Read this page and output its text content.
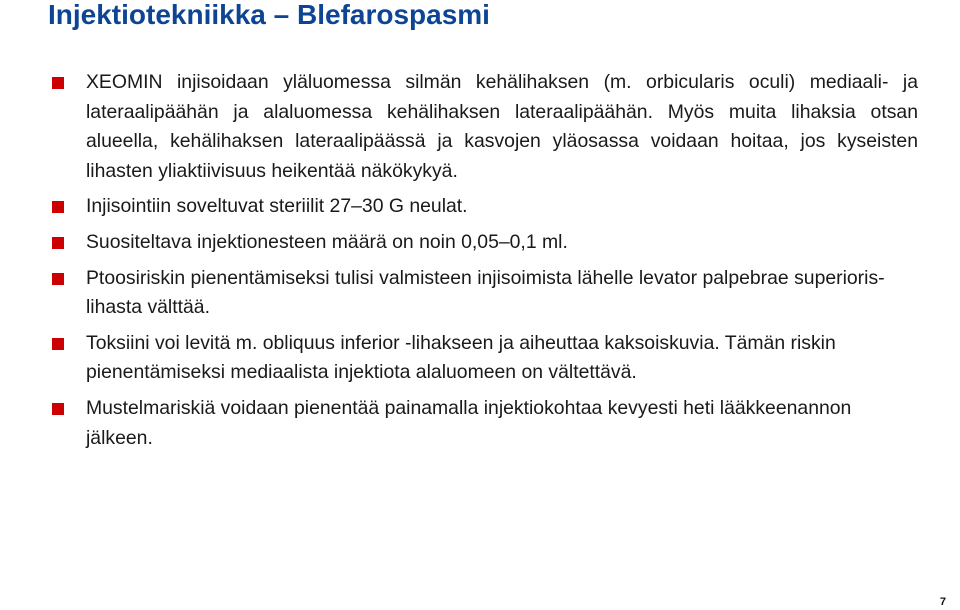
Injektiotekniikka – Blefarospasmi
XEOMIN injisoidaan yläluomessa silmän kehälihaksen (m. orbicularis oculi) mediaali- ja lateraalipäähän ja alaluomessa kehälihaksen lateraalipäähän. Myös muita lihaksia otsan alueella, kehälihaksen lateraalipäässä ja kasvojen yläosassa voidaan hoitaa, jos kyseisten lihasten yliaktiivisuus heikentää näkökykyä.
Injisointiin soveltuvat steriilit 27–30 G neulat.
Suositeltava injektionesteen määrä on noin 0,05–0,1 ml.
Ptoosiriskin pienentämiseksi tulisi valmisteen injisoimista lähelle levator palpebrae superioris-lihasta välttää.
Toksiini voi levitä m. obliquus inferior -lihakseen ja aiheuttaa kaksoiskuvia. Tämän riskin pienentämiseksi mediaalista injektiota alaluomeen on vältettävä.
Mustelmariskiä voidaan pienentää painamalla injektiokohtaa kevyesti heti lääkkeenannon jälkeen.
7
